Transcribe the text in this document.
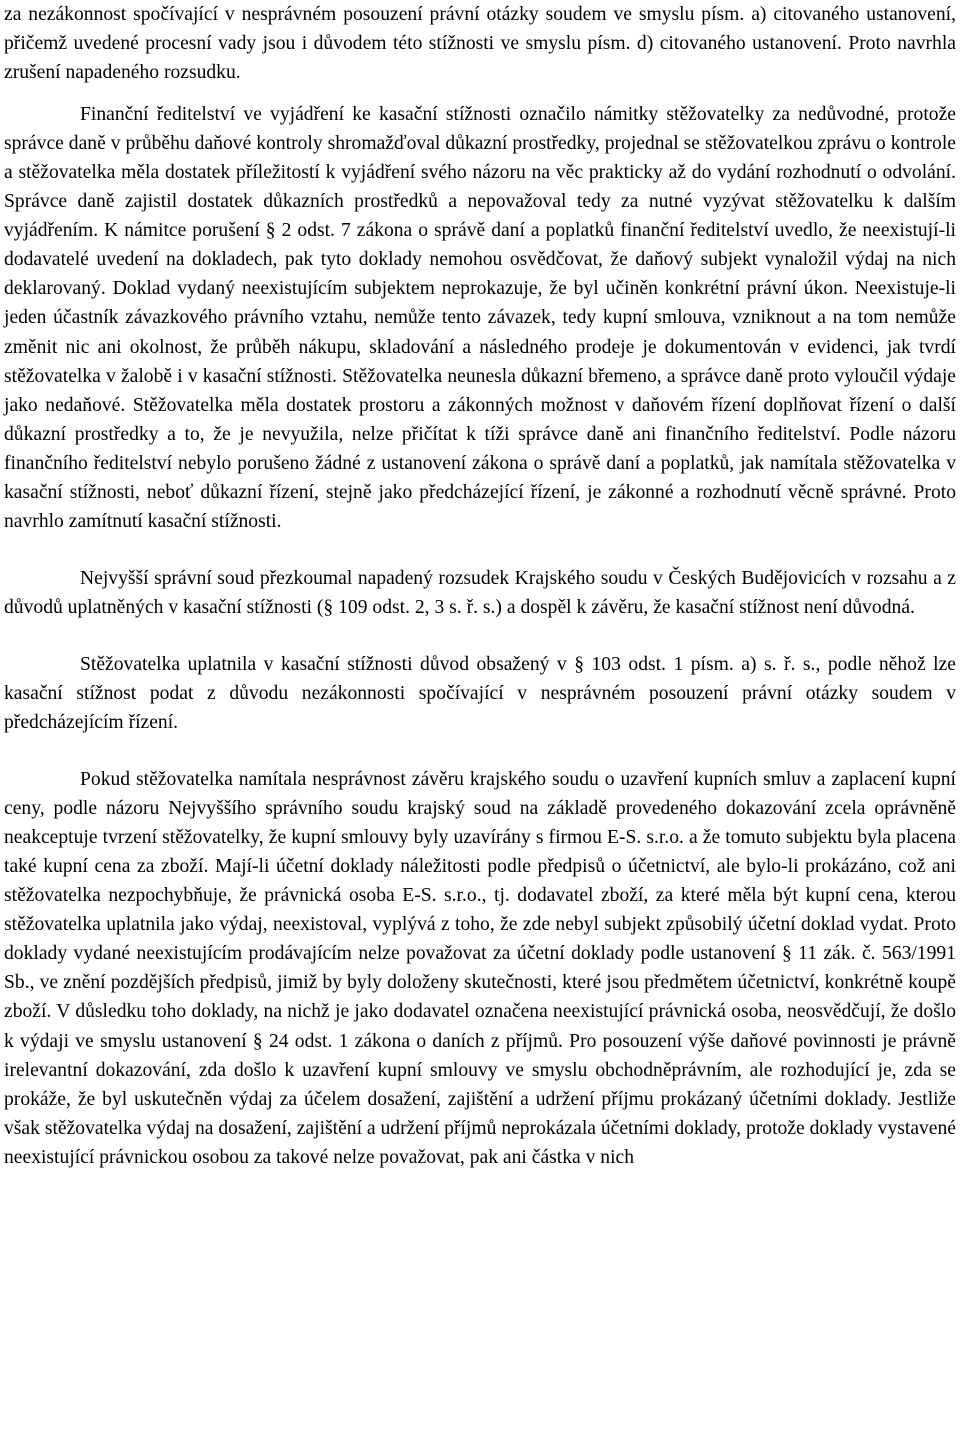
za nezákonnost spočívající v nesprávném posouzení právní otázky soudem ve smyslu písm. a) citovaného ustanovení, přičemž uvedené procesní vady jsou i důvodem této stížnosti ve smyslu písm. d) citovaného ustanovení. Proto navrhla zrušení napadeného rozsudku.

Finanční ředitelství ve vyjádření ke kasační stížnosti označilo námitky stěžovatelky za nedůvodné, protože správce daně v průběhu daňové kontroly shromažďoval důkazní prostředky, projednal se stěžovatelkou zprávu o kontrole a stěžovatelka měla dostatek příležitostí k vyjádření svého názoru na věc prakticky až do vydání rozhodnutí o odvolání. Správce daně zajistil dostatek důkazních prostředků a nepovažoval tedy za nutné vyzývat stěžovatelku k dalším vyjádřením. K námitce porušení § 2 odst. 7 zákona o správě daní a poplatků finanční ředitelství uvedlo, že neexistují-li dodavatelé uvedení na dokladech, pak tyto doklady nemohou osvědčovat, že daňový subjekt vynaložil výdaj na nich deklarovaný. Doklad vydaný neexistujícím subjektem neprokazuje, že byl učiněn konkrétní právní úkon. Neexistuje-li jeden účastník závazkového právního vztahu, nemůže tento závazek, tedy kupní smlouva, vzniknout a na tom nemůže změnit nic ani okolnost, že průběh nákupu, skladování a následného prodeje je dokumentován v evidenci, jak tvrdí stěžovatelka v žalobě i v kasační stížnosti. Stěžovatelka neunesla důkazní břemeno, a správce daně proto vyloučil výdaje jako nedaňové. Stěžovatelka měla dostatek prostoru a zákonných možnost v daňovém řízení doplňovat řízení o další důkazní prostředky a to, že je nevyužila, nelze přičítat k tíži správce daně ani finančního ředitelství. Podle názoru finančního ředitelství nebylo porušeno žádné z ustanovení zákona o správě daní a poplatků, jak namítala stěžovatelka v kasační stížnosti, neboť důkazní řízení, stejně jako předcházející řízení, je zákonné a rozhodnutí věcně správné. Proto navrhlo zamítnutí kasační stížnosti.

Nejvyšší správní soud přezkoumal napadený rozsudek Krajského soudu v Českých Budějovicích v rozsahu a z důvodů uplatněných v kasační stížnosti (§ 109 odst. 2, 3 s. ř. s.) a dospěl k závěru, že kasační stížnost není důvodná.

Stěžovatelka uplatnila v kasační stížnosti důvod obsažený v § 103 odst. 1 písm. a) s. ř. s., podle něhož lze kasační stížnost podat z důvodu nezákonnosti spočívající v nesprávném posouzení právní otázky soudem v předcházejícím řízení.

Pokud stěžovatelka namítala nesprávnost závěru krajského soudu o uzavření kupních smluv a zaplacení kupní ceny, podle názoru Nejvyššího správního soudu krajský soud na základě provedeného dokazování zcela oprávněně neakceptuje tvrzení stěžovatelky, že kupní smlouvy byly uzavírány s firmou E-S. s.r.o. a že tomuto subjektu byla placena také kupní cena za zboží. Mají-li účetní doklady náležitosti podle předpisů o účetnictví, ale bylo-li prokázáno, což ani stěžovatelka nezpochybňuje, že právnická osoba E-S. s.r.o., tj. dodavatel zboží, za které měla být kupní cena, kterou stěžovatelka uplatnila jako výdaj, neexistoval, vyplývá z toho, že zde nebyl subjekt způsobilý účetní doklad vydat. Proto doklady vydané neexistujícím prodávajícím nelze považovat za účetní doklady podle ustanovení § 11 zák. č. 563/1991 Sb., ve znění pozdějších předpisů, jimiž by byly doloženy skutečnosti, které jsou předmětem účetnictví, konkrétně koupě zboží. V důsledku toho doklady, na nichž je jako dodavatel označena neexistující právnická osoba, neosvědčují, že došlo k výdaji ve smyslu ustanovení § 24 odst. 1 zákona o daních z příjmů. Pro posouzení výše daňové povinnosti je právně irelevantní dokazování, zda došlo k uzavření kupní smlouvy ve smyslu obchodněprávním, ale rozhodující je, zda se prokáže, že byl uskutečněn výdaj za účelem dosažení, zajištění a udržení příjmu prokázaný účetními doklady. Jestliže však stěžovatelka výdaj na dosažení, zajištění a udržení příjmů neprokázala účetními doklady, protože doklady vystavené neexistující právnickou osobou za takové nelze považovat, pak ani částka v nich
